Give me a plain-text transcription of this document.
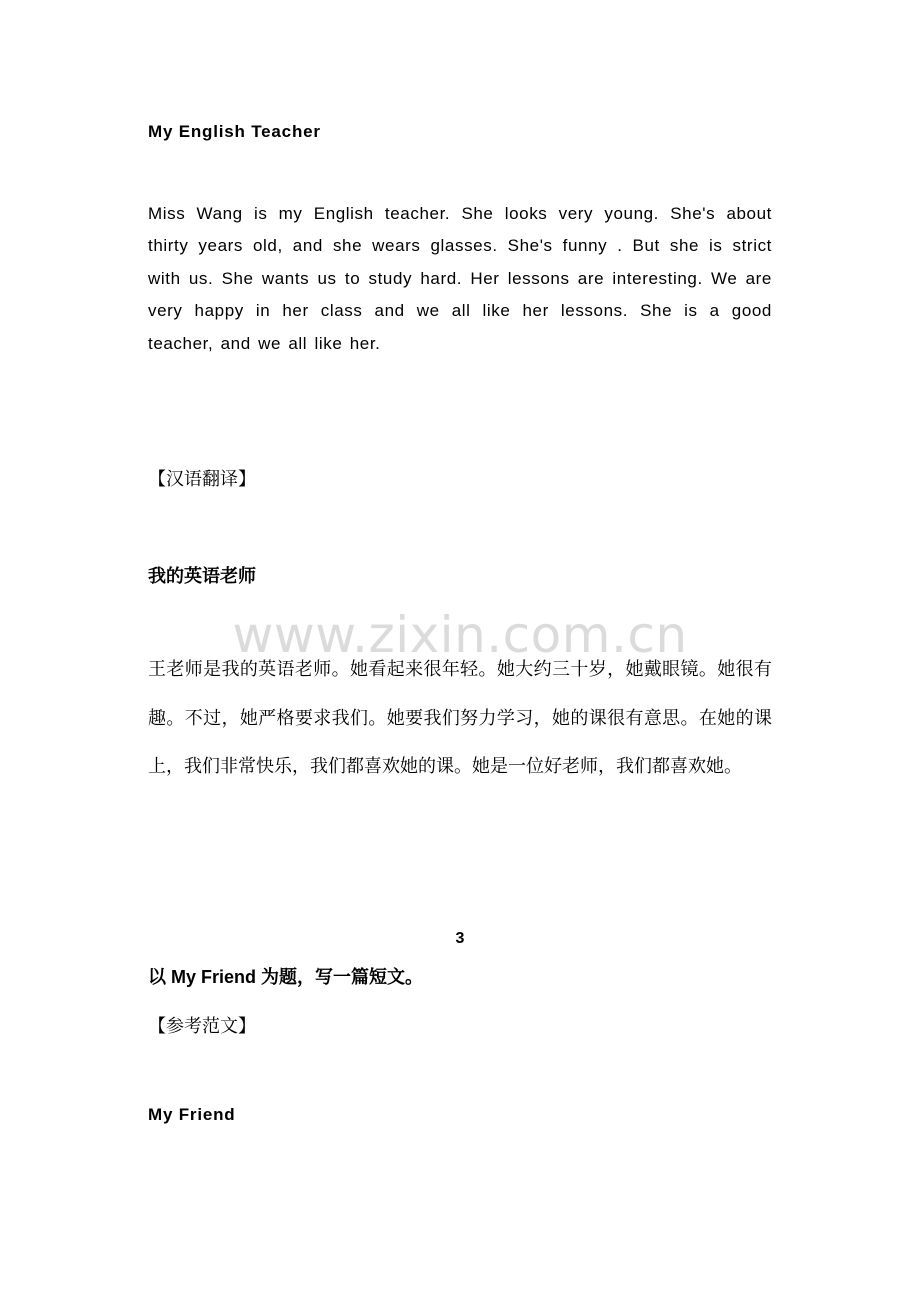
My English Teacher

Miss Wang is my English teacher. She looks very young. She's about thirty years old, and she wears glasses. She's funny . But she is strict with us. She wants us to study hard. Her lessons are interesting. We are very happy in her class and we all like her lessons. She is a good teacher, and we all like her.

【汉语翻译】
我的英语老师
www.zixin.com.cn

王老师是我的英语老师。她看起来很年轻。她大约三十岁，她戴眼镜。她很有趣。不过，她严格要求我们。她要我们努力学习，她的课很有意思。在她的课上，我们非常快乐，我们都喜欢她的课。她是一位好老师，我们都喜欢她。

3
以 My Friend 为题，写一篇短文。
【参考范文】
My Friend
